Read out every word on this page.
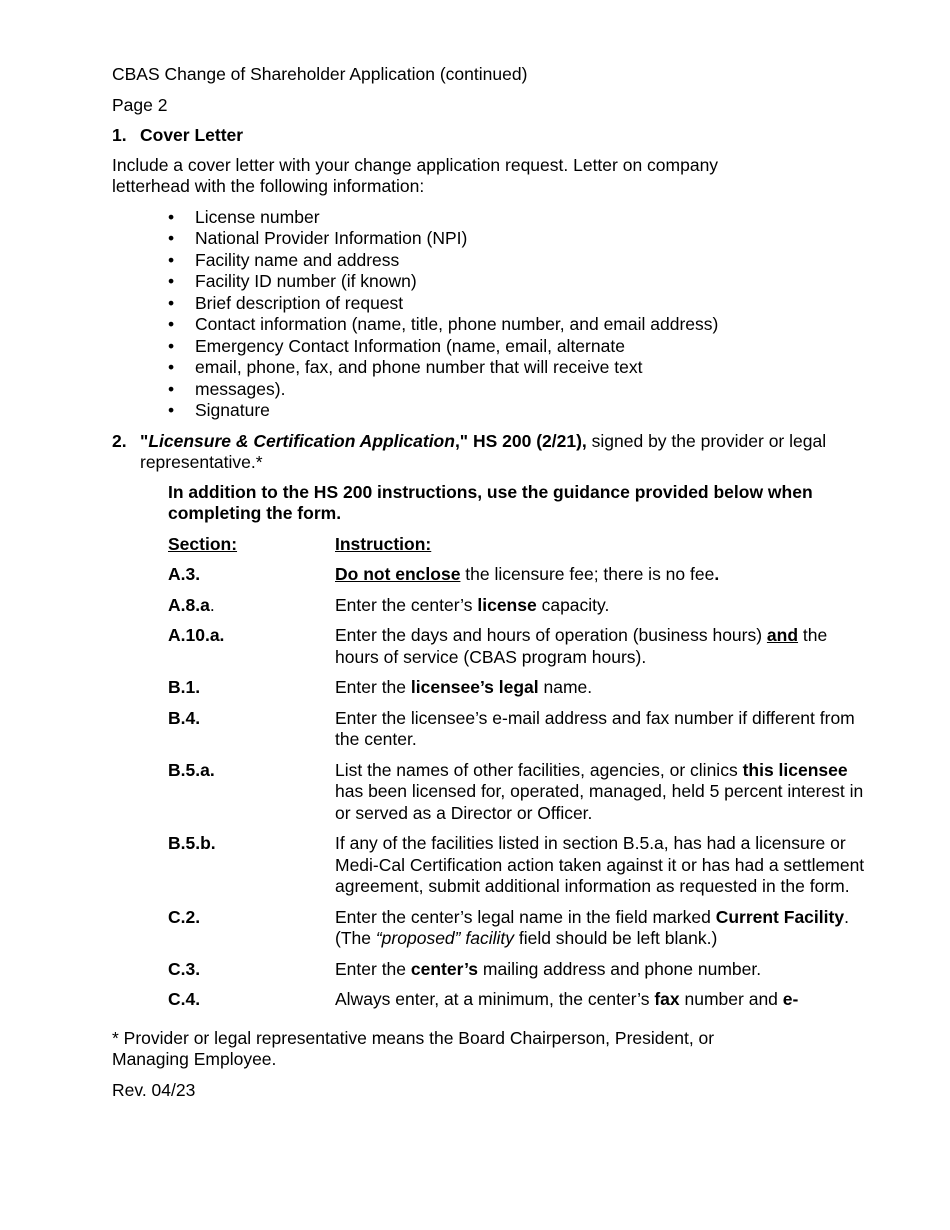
CBAS Change of Shareholder Application (continued)

Page 2

1. Cover Letter

Include a cover letter with your change application request. Letter on company letterhead with the following information:

• License number
• National Provider Information (NPI)
• Facility name and address
• Facility ID number (if known)
• Brief description of request
• Contact information (name, title, phone number, and email address)
• Emergency Contact Information (name, email, alternate
• email, phone, fax, and phone number that will receive text
• messages).
• Signature
2. "Licensure & Certification Application," HS 200 (2/21), signed by the provider or legal representative.*

In addition to the HS 200 instructions, use the guidance provided below when completing the form.

Section:	Instruction:
A.3.	Do not enclose the licensure fee; there is no fee.
A.8.a.	Enter the center’s license capacity.
A.10.a.	Enter the days and hours of operation (business hours) and the hours of service (CBAS program hours).
B.1.	Enter the licensee’s legal name.
B.4.	Enter the licensee’s e-mail address and fax number if different from the center.
B.5.a.	List the names of other facilities, agencies, or clinics this licensee has been licensed for, operated, managed, held 5 percent interest in or served as a Director or Officer.
B.5.b.	If any of the facilities listed in section B.5.a, has had a licensure or Medi-Cal Certification action taken against it or has had a settlement agreement, submit additional information as requested in the form.
C.2.	Enter the center’s legal name in the field marked Current Facility. (The “proposed” facility field should be left blank.)
C.3.	Enter the center’s mailing address and phone number.
C.4.	Always enter, at a minimum, the center’s fax number and e-

* Provider or legal representative means the Board Chairperson, President, or Managing Employee.

Rev. 04/23
